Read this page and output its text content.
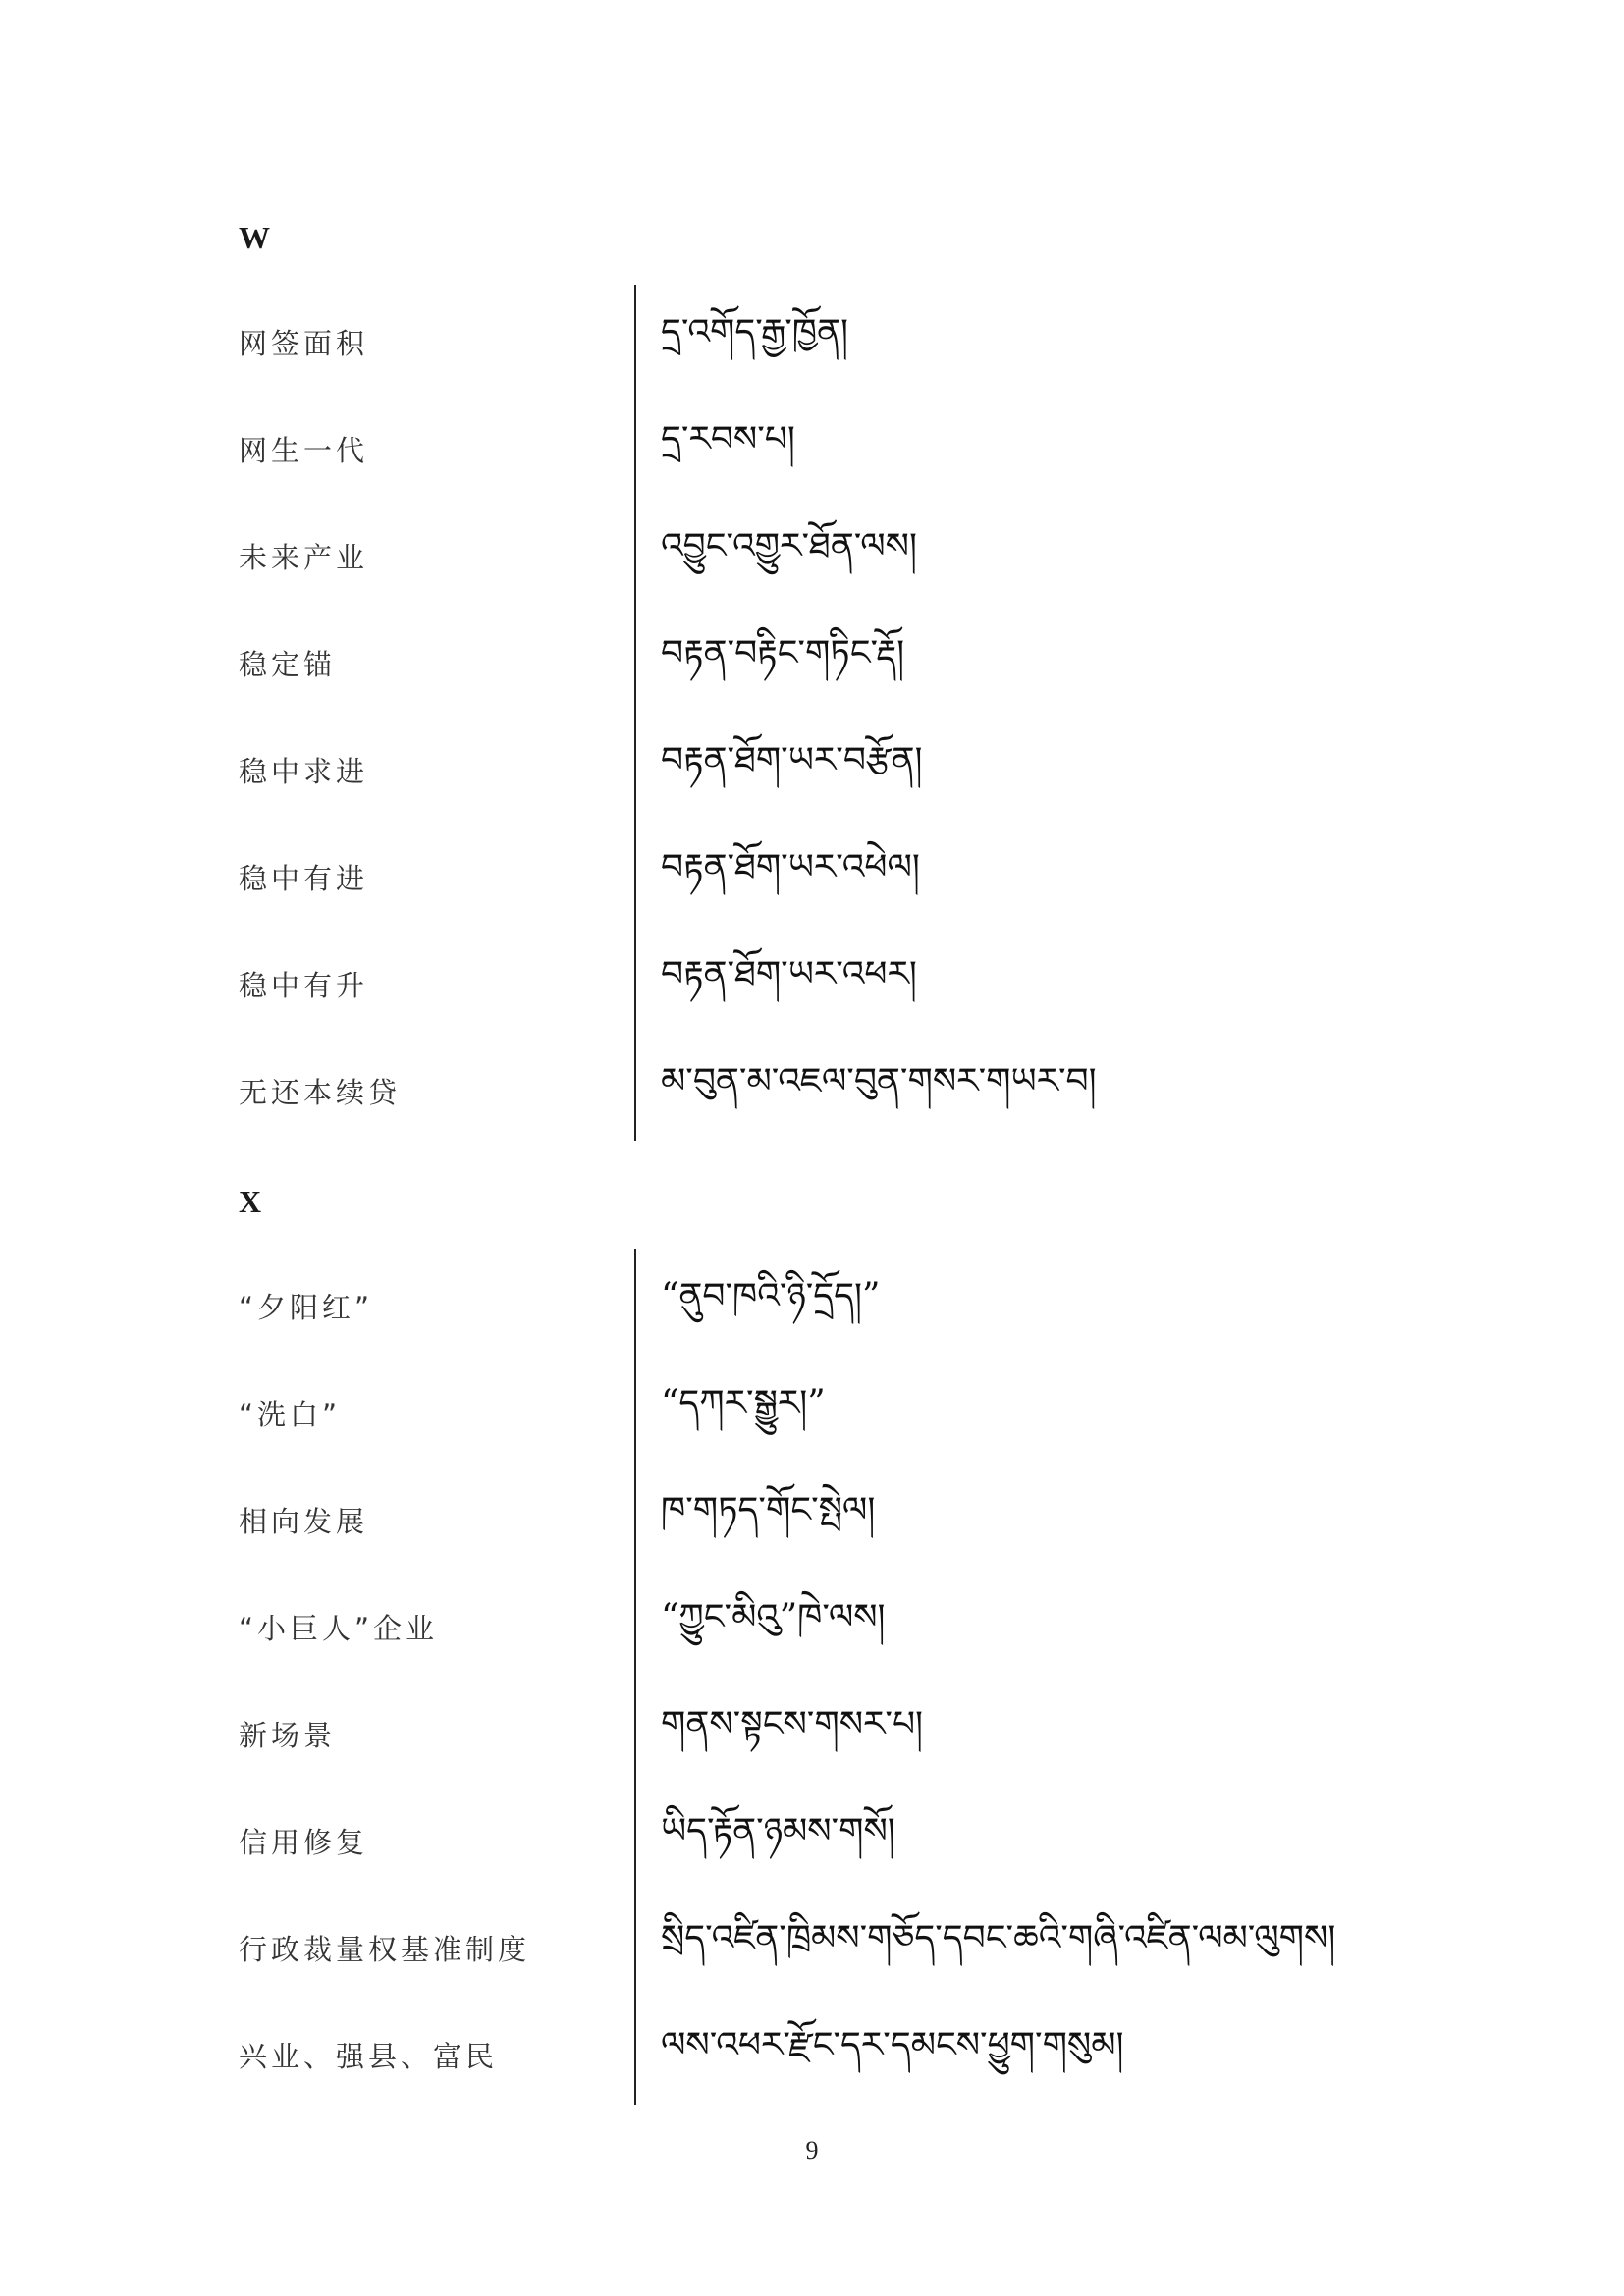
W
网签面积	དྲ་འགོད་རྒྱ་ཁྱོན།
网生一代	དྲ་རབས་པ།
未来产业	འབྱུང་འགྱུར་ཐོན་ལས།
稳定锚	བརྟན་བརྟིང་གཏིང་རྡོ།
稳中求进	བརྟན་ཐོག་ཡར་བརྩོན།
稳中有进	བརྟན་ཐོག་ཡར་འཕེལ།
稳中有升	བརྟན་ཐོག་ཡར་འཕར།
无还本续贷	མ་བུན་མ་འཇལ་བུན་གསར་གཡར་བ།
X
“夕阳红”	“ནུབ་ཁའི་ཉི་དྲོད།”
“洗白”	“དཀར་སྒྱུར།”
相向发展	ཁ་གཏད་གོང་སྤེལ།
“小巨人”企业	“ཀྱུང་མིའུ”ཁེ་ལས།
新场景	གནས་སྟངས་གསར་པ།
信用修复	ཡིད་རྟོན་ཉམས་གསོ།
行政裁量权基准制度	སྲིད་འཛིན་ཁྲིམས་གཅོད་དབང་ཆའི་གཞི་འཛིན་ལམ་ལུགས།
兴业、强县、富民	ལས་འཕར་རྫོང་དར་དམངས་ཕྱུག་གསུམ།
9
